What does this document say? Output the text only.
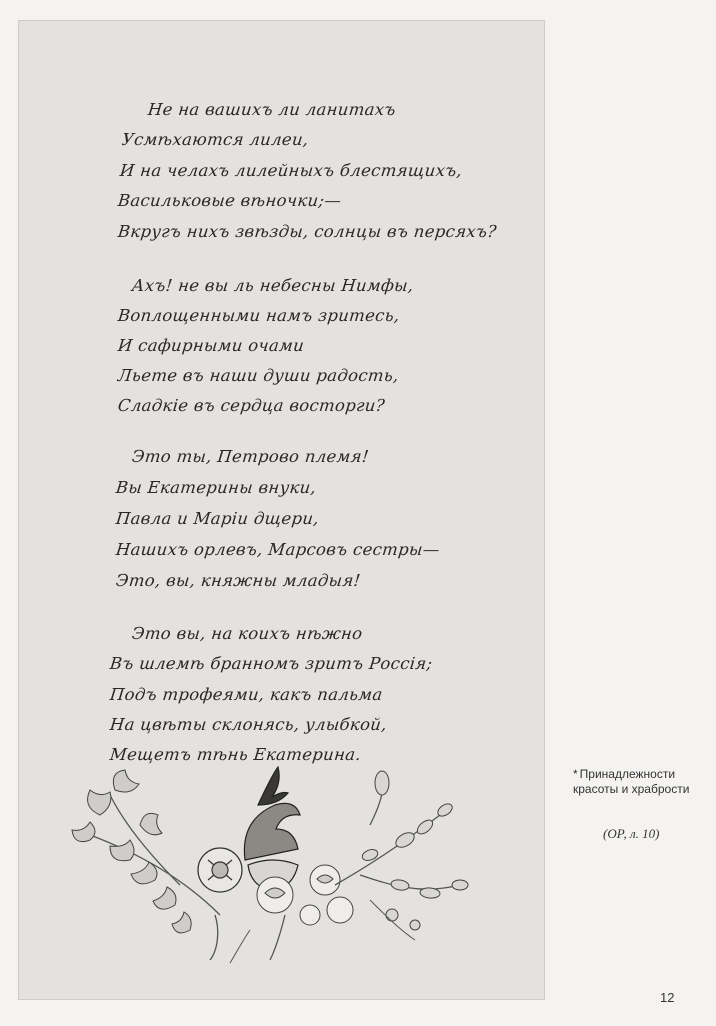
Не на вашихъ ли ланитахъ
Усмѣхаются лилеи,
И на челахъ лилейныхъ блестящихъ,
Васильковые вѣночки;—
Вкругъ нихъ звѣзды, солнцы въ персяхъ?
Ахъ! не вы ль небесны Нимфы,
Воплощенными намъ зритесь,
И сафирными очами
Льете въ наши души радость,
Сладкiе въ сердца восторги?
Это ты, Петрово племя!
Вы Екатерины внуки,
Павла и Марiи дщери,
Нашихъ орлевъ, Марсовъ сестры—
Это, вы, княжны младыя!
Это вы, на коихъ нѣжно
Въ шлемѣ бранномъ зритъ Россiя;
Подъ трофеями, какъ пальма
На цвѣты склонясь, улыбкой,
Мещетъ тѣнь Екатерина.
* Принадлежности красоты и храбрости
(ОР, л. 10)
12
